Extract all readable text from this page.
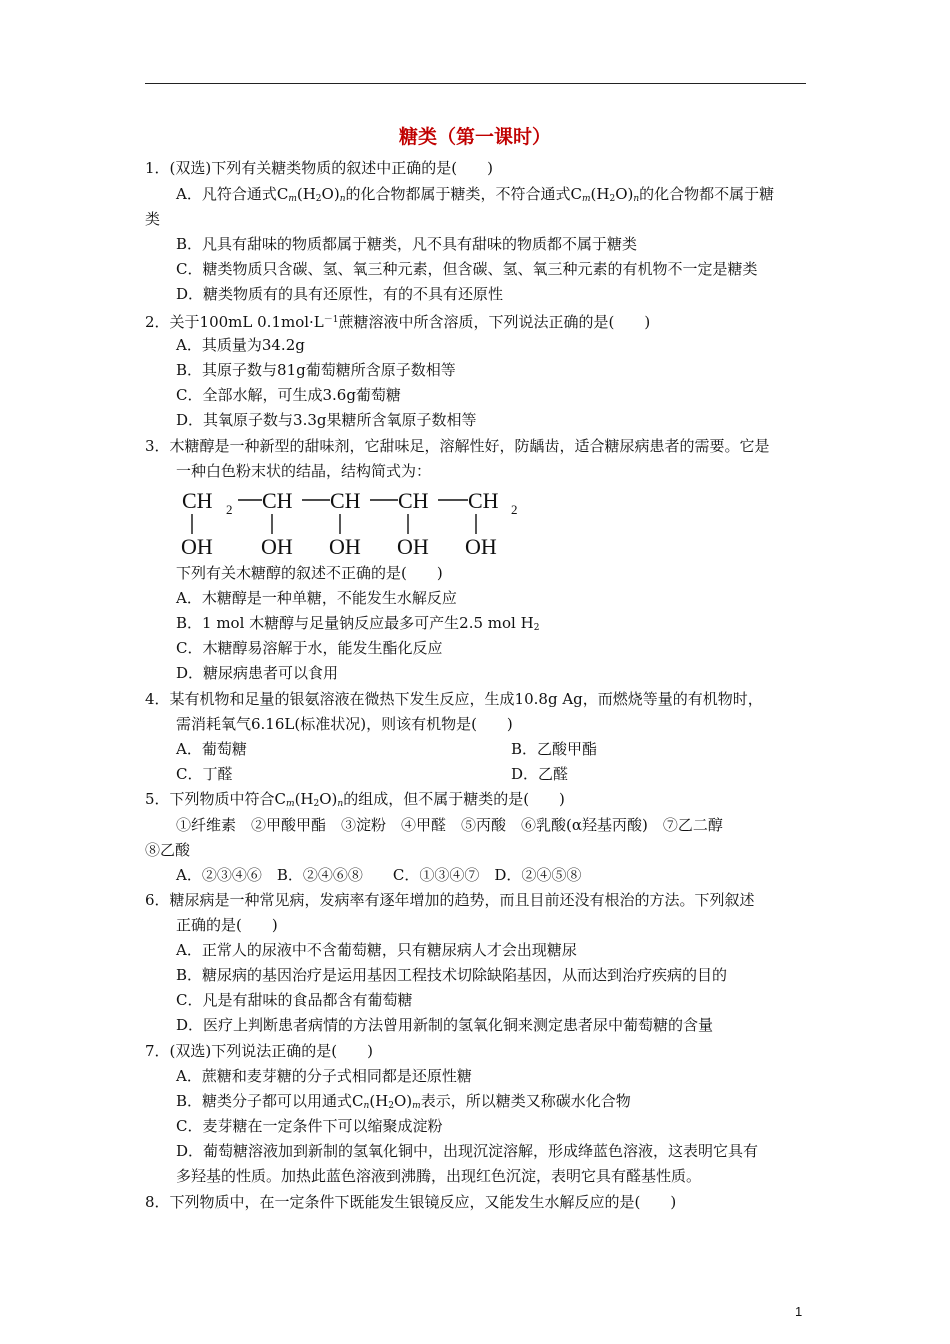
糖类（第一课时）
1．(双选)下列有关糖类物质的叙述中正确的是(　　)
A．凡符合通式$C_m(H_2O)_n$的化合物都属于糖类，不符合通式$C_m(H_2O)_n$的化合物都不属于糖
类
B．凡具有甜味的物质都属于糖类，凡不具有甜味的物质都不属于糖类
C．糖类物质只含碳、氢、氧三种元素，但含碳、氢、氧三种元素的有机物不一定是糖类
D．糖类物质有的具有还原性，有的不具有还原性
2．关于100mL $0.1mol\cdot L^{-1}$蔗糖溶液中所含溶质，下列说法正确的是(　　)
A．其质量为34.2g
B．其原子数与81g葡萄糖所含原子数相等
C．全部水解，可生成3.6g葡萄糖
D．其氧原子数与3.3g果糖所含氧原子数相等
3．木糖醇是一种新型的甜味剂，它甜味足，溶解性好，防龋齿，适合糖尿病患者的需要。它是
一种白色粉末状的结晶，结构简式为：
CH 2 CH CH CH CH 2
OH OH OH OH OH
下列有关木糖醇的叙述不正确的是(　　)
A．木糖醇是一种单糖，不能发生水解反应
B．1 mol 木糖醇与足量钠反应最多可产生2.5 mol $H_2$
C．木糖醇易溶解于水，能发生酯化反应
D．糖尿病患者可以食用
4．某有机物和足量的银氨溶液在微热下发生反应，生成10.8g Ag，而燃烧等量的有机物时，
需消耗氧气6.16L(标准状况)，则该有机物是(　　)
A．葡萄糖	B．乙酸甲酯
C．丁醛	D．乙醛
5．下列物质中符合$C_m(H_2O)_n$的组成，但不属于糖类的是(　　)
①纤维素　②甲酸甲酯　③淀粉　④甲醛　⑤丙酸　⑥乳酸(α羟基丙酸)　⑦乙二醇
⑧乙酸
A．②③④⑥　B．②④⑥⑧　　C．①③④⑦　D．②④⑤⑧
6．糖尿病是一种常见病，发病率有逐年增加的趋势，而且目前还没有根治的方法。下列叙述
正确的是(　　)
A．正常人的尿液中不含葡萄糖，只有糖尿病人才会出现糖尿
B．糖尿病的基因治疗是运用基因工程技术切除缺陷基因，从而达到治疗疾病的目的
C．凡是有甜味的食品都含有葡萄糖
D．医疗上判断患者病情的方法曾用新制的氢氧化铜来测定患者尿中葡萄糖的含量
7．(双选)下列说法正确的是(　　)
A．蔗糖和麦芽糖的分子式相同都是还原性糖
B．糖类分子都可以用通式$C_n(H_2O)_m$表示，所以糖类又称碳水化合物
C．麦芽糖在一定条件下可以缩聚成淀粉
D．葡萄糖溶液加到新制的氢氧化铜中，出现沉淀溶解，形成绛蓝色溶液，这表明它具有
多羟基的性质。加热此蓝色溶液到沸腾，出现红色沉淀，表明它具有醛基性质。
8．下列物质中，在一定条件下既能发生银镜反应，又能发生水解反应的是(　　)
1
